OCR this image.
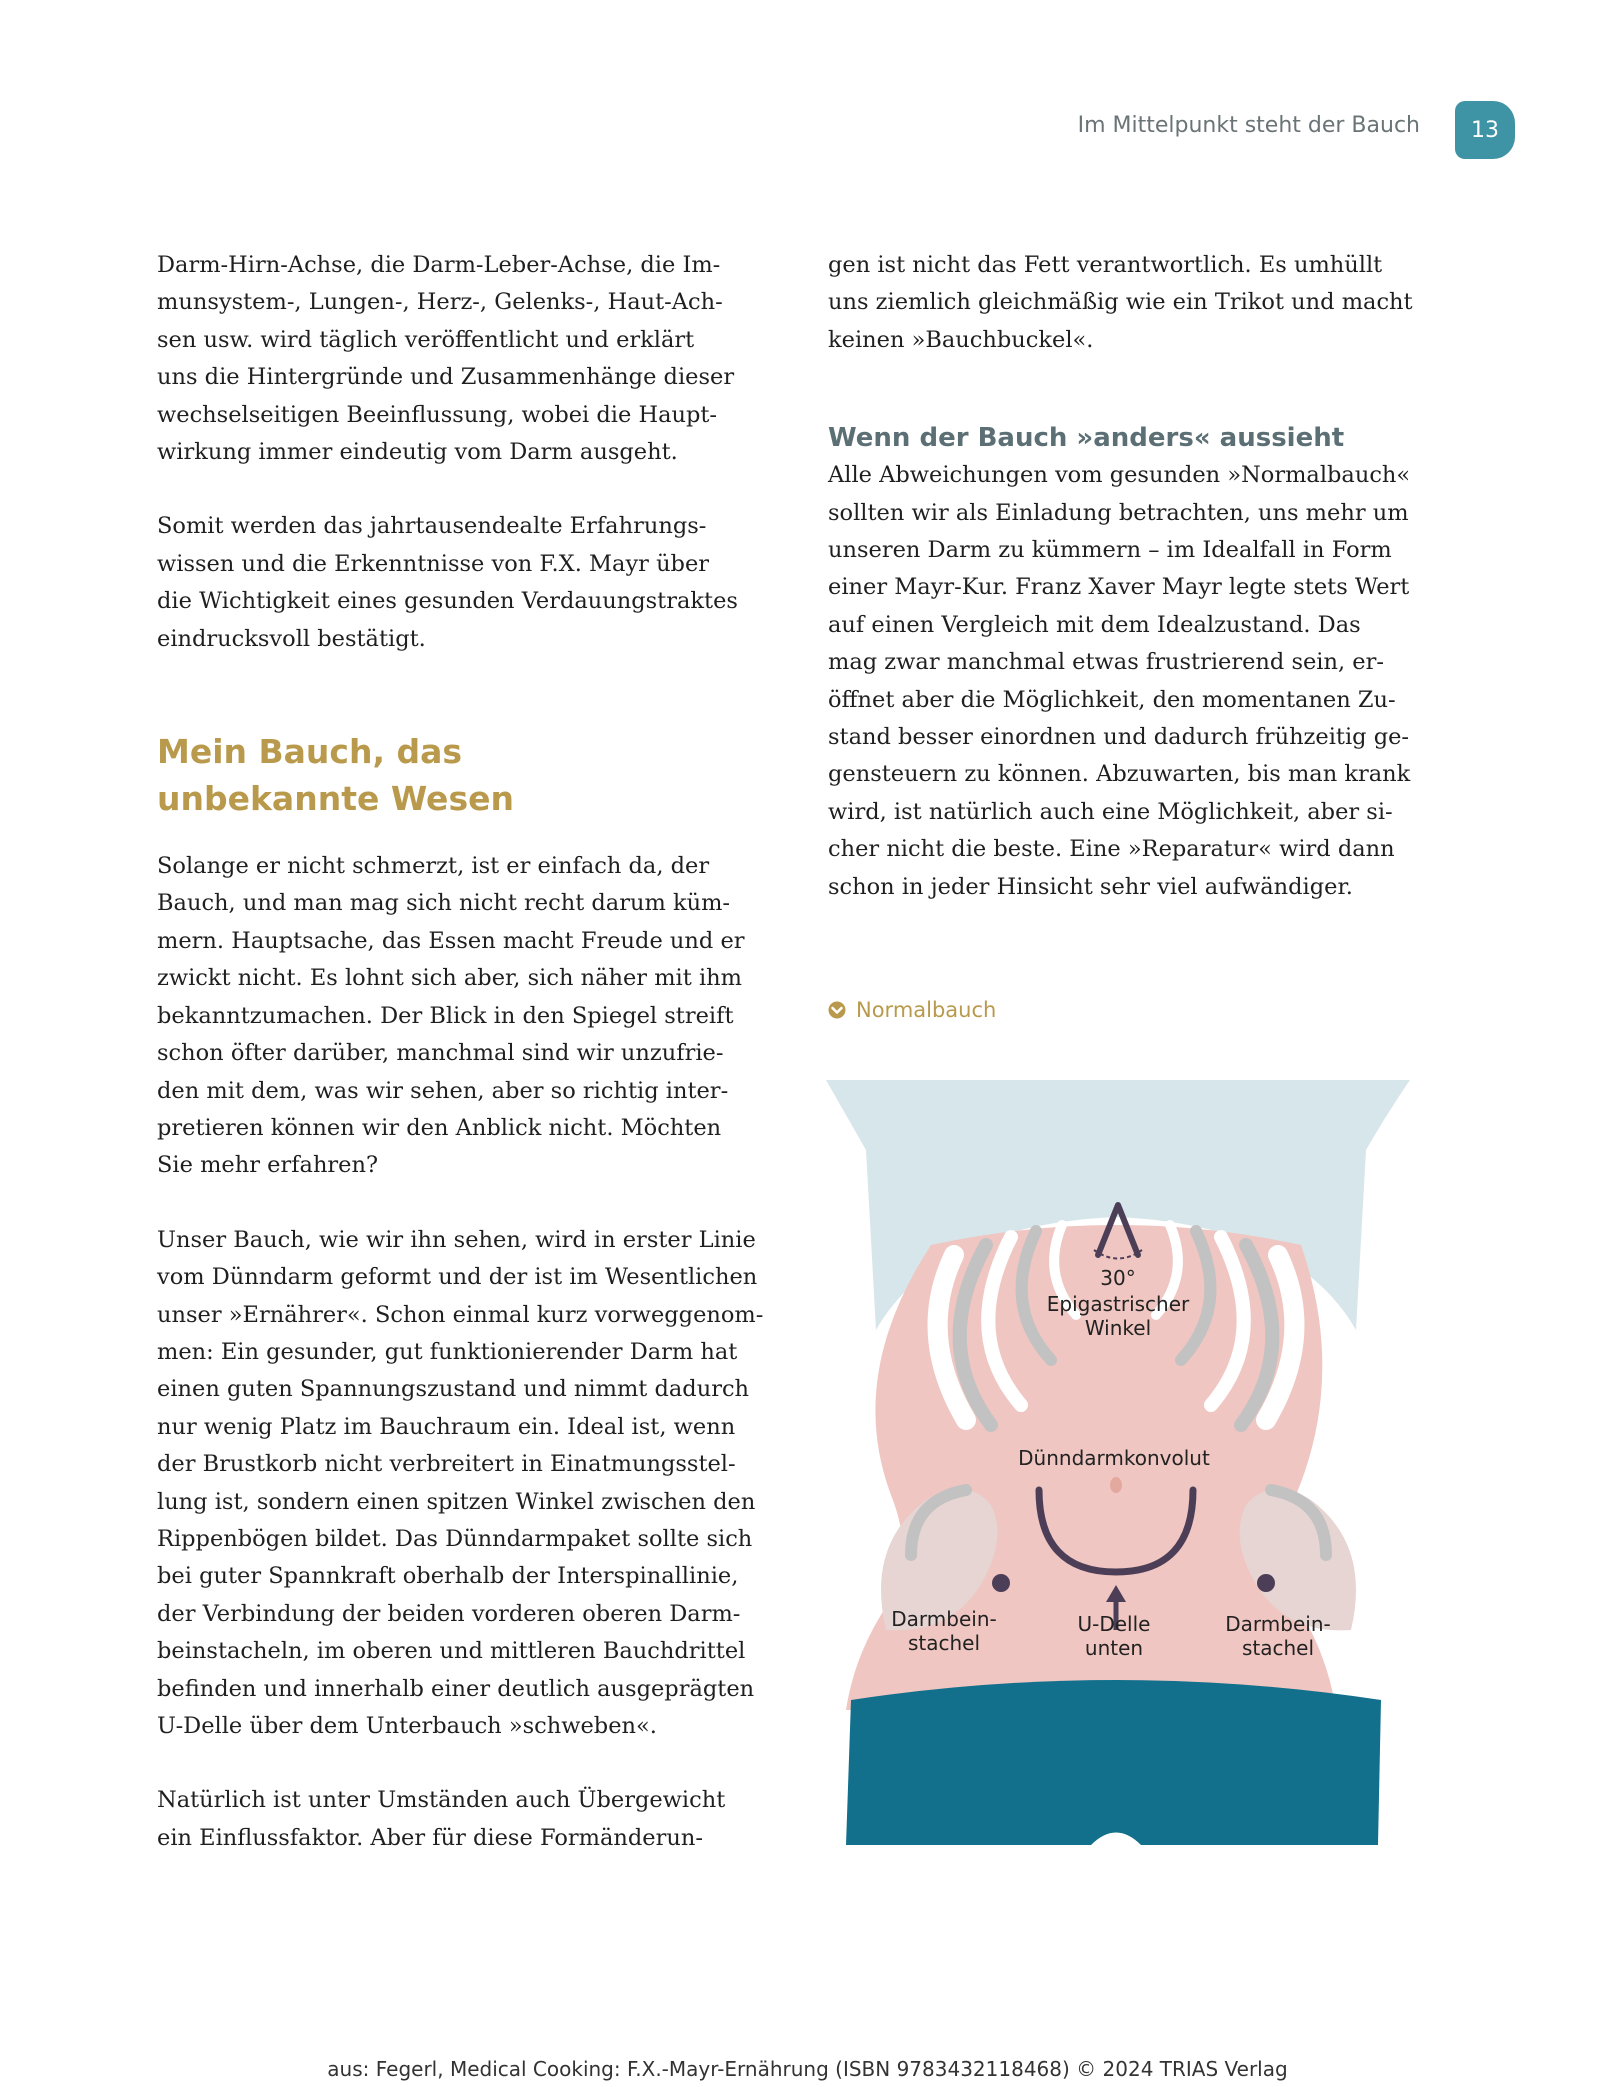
Im Mittelpunkt steht der Bauch	13

Darm-Hirn-Achse, die Darm-Leber-Achse, die Im-
munsystem-, Lungen-, Herz-, Gelenks-, Haut-Ach-
sen usw. wird täglich veröffentlicht und erklärt
uns die Hintergründe und Zusammenhänge dieser
wechselseitigen Beeinflussung, wobei die Haupt-
wirkung immer eindeutig vom Darm ausgeht.

Somit werden das jahrtausendealte Erfahrungs-
wissen und die Erkenntnisse von F.X. Mayr über
die Wichtigkeit eines gesunden Verdauungstraktes
eindrucksvoll bestätigt.

Mein Bauch, das
unbekannte Wesen

Solange er nicht schmerzt, ist er einfach da, der
Bauch, und man mag sich nicht recht darum küm-
mern. Hauptsache, das Essen macht Freude und er
zwickt nicht. Es lohnt sich aber, sich näher mit ihm
bekanntzumachen. Der Blick in den Spiegel streift
schon öfter darüber, manchmal sind wir unzufrie-
den mit dem, was wir sehen, aber so richtig inter-
pretieren können wir den Anblick nicht. Möchten
Sie mehr erfahren?

Unser Bauch, wie wir ihn sehen, wird in erster Linie
vom Dünndarm geformt und der ist im Wesentlichen
unser »Ernährer«. Schon einmal kurz vorweggenom-
men: Ein gesunder, gut funktionierender Darm hat
einen guten Spannungszustand und nimmt dadurch
nur wenig Platz im Bauchraum ein. Ideal ist, wenn
der Brustkorb nicht verbreitert in Einatmungsstel-
lung ist, sondern einen spitzen Winkel zwischen den
Rippenbögen bildet. Das Dünndarmpaket sollte sich
bei guter Spannkraft oberhalb der Interspinallinie,
der Verbindung der beiden vorderen oberen Darm-
beinstacheln, im oberen und mittleren Bauchdrittel
befinden und innerhalb einer deutlich ausgeprägten
U-Delle über dem Unterbauch »schweben«.

Natürlich ist unter Umständen auch Übergewicht
ein Einflussfaktor. Aber für diese Formänderun-

gen ist nicht das Fett verantwortlich. Es umhüllt
uns ziemlich gleichmäßig wie ein Trikot und macht
keinen »Bauchbuckel«.

Wenn der Bauch »anders« aussieht

Alle Abweichungen vom gesunden »Normalbauch«
sollten wir als Einladung betrachten, uns mehr um
unseren Darm zu kümmern – im Idealfall in Form
einer Mayr-Kur. Franz Xaver Mayr legte stets Wert
auf einen Vergleich mit dem Idealzustand. Das
mag zwar manchmal etwas frustrierend sein, er-
öffnet aber die Möglichkeit, den momentanen Zu-
stand besser einordnen und dadurch frühzeitig ge-
gensteuern zu können. Abzuwarten, bis man krank
wird, ist natürlich auch eine Möglichkeit, aber si-
cher nicht die beste. Eine »Reparatur« wird dann
schon in jeder Hinsicht sehr viel aufwändiger.

Normalbauch
30°
Epigastrischer
Winkel
Dünndarmkonvolut
Darmbein-
stachel
U-Delle
unten
Darmbein-
stachel
aus: Fegerl, Medical Cooking: F.X.-Mayr-Ernährung (ISBN 9783432118468) © 2024 TRIAS Verlag
